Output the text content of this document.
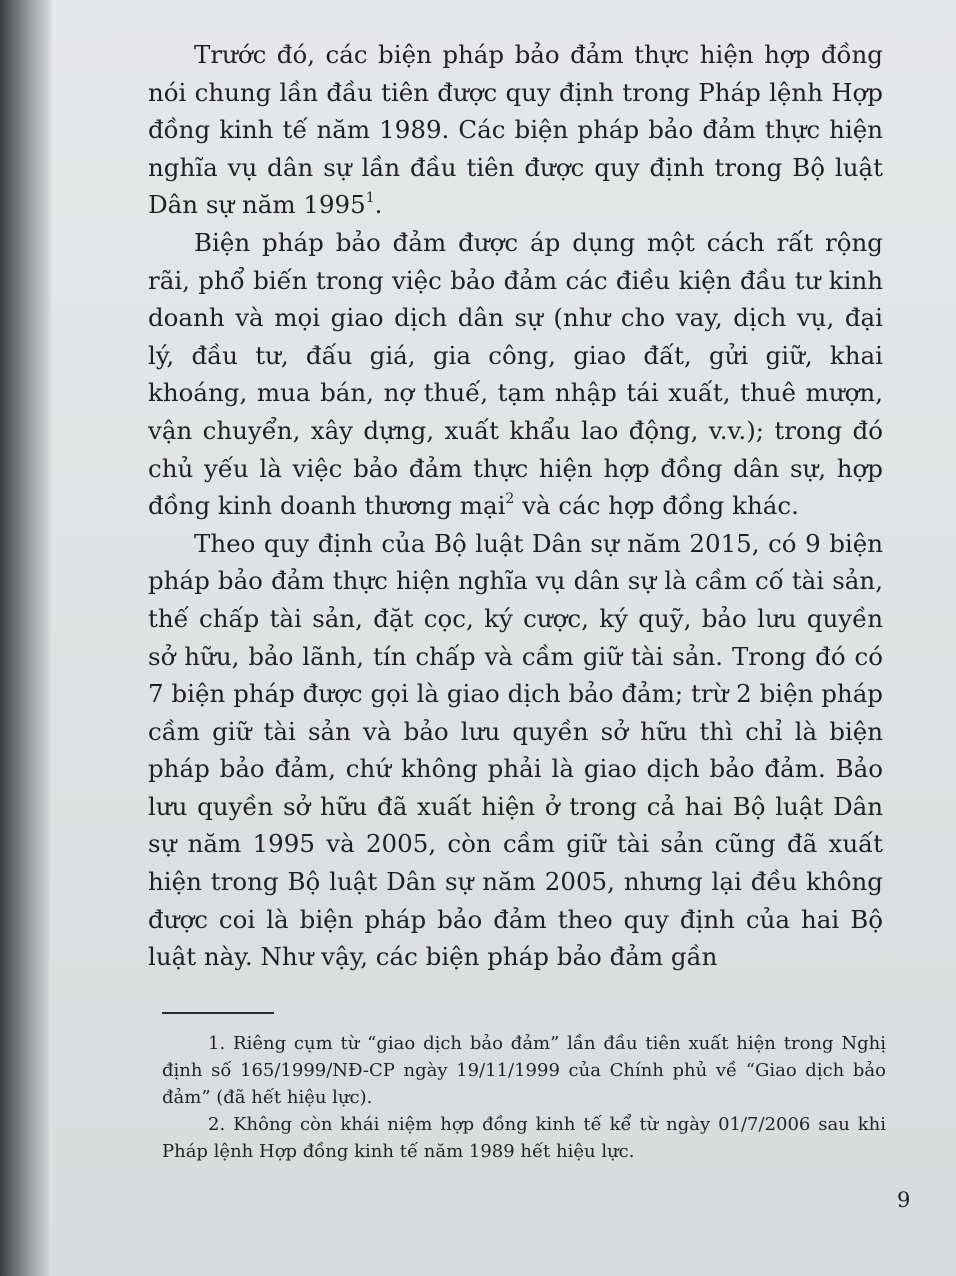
Trước đó, các biện pháp bảo đảm thực hiện hợp đồng nói chung lần đầu tiên được quy định trong Pháp lệnh Hợp đồng kinh tế năm 1989. Các biện pháp bảo đảm thực hiện nghĩa vụ dân sự lần đầu tiên được quy định trong Bộ luật Dân sự năm 1995$^1$.

Biện pháp bảo đảm được áp dụng một cách rất rộng rãi, phổ biến trong việc bảo đảm các điều kiện đầu tư kinh doanh và mọi giao dịch dân sự (như cho vay, dịch vụ, đại lý, đầu tư, đấu giá, gia công, giao đất, gửi giữ, khai khoáng, mua bán, nợ thuế, tạm nhập tái xuất, thuê mượn, vận chuyển, xây dựng, xuất khẩu lao động, v.v.); trong đó chủ yếu là việc bảo đảm thực hiện hợp đồng dân sự, hợp đồng kinh doanh thương mại$^2$ và các hợp đồng khác.

Theo quy định của Bộ luật Dân sự năm 2015, có 9 biện pháp bảo đảm thực hiện nghĩa vụ dân sự là cầm cố tài sản, thế chấp tài sản, đặt cọc, ký cược, ký quỹ, bảo lưu quyền sở hữu, bảo lãnh, tín chấp và cầm giữ tài sản. Trong đó có 7 biện pháp được gọi là giao dịch bảo đảm; trừ 2 biện pháp cầm giữ tài sản và bảo lưu quyền sở hữu thì chỉ là biện pháp bảo đảm, chứ không phải là giao dịch bảo đảm. Bảo lưu quyền sở hữu đã xuất hiện ở trong cả hai Bộ luật Dân sự năm 1995 và 2005, còn cầm giữ tài sản cũng đã xuất hiện trong Bộ luật Dân sự năm 2005, nhưng lại đều không được coi là biện pháp bảo đảm theo quy định của hai Bộ luật này. Như vậy, các biện pháp bảo đảm gần

1. Riêng cụm từ “giao dịch bảo đảm” lần đầu tiên xuất hiện trong Nghị định số 165/1999/NĐ-CP ngày 19/11/1999 của Chính phủ về “Giao dịch bảo đảm” (đã hết hiệu lực).

2. Không còn khái niệm hợp đồng kinh tế kể từ ngày 01/7/2006 sau khi Pháp lệnh Hợp đồng kinh tế năm 1989 hết hiệu lực.

9
